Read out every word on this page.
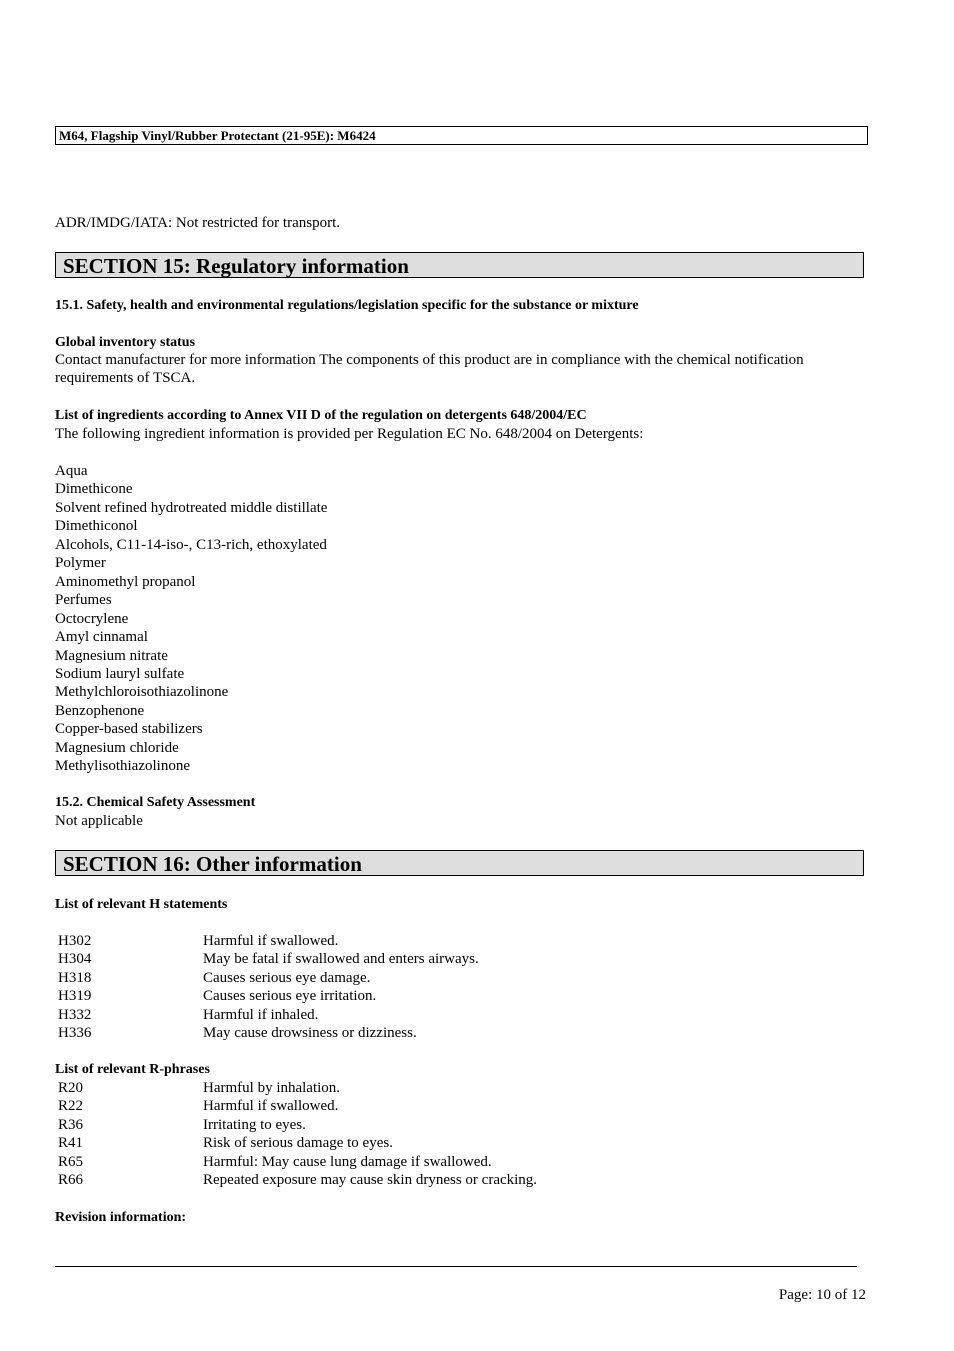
M64, Flagship Vinyl/Rubber Protectant (21-95E): M6424
ADR/IMDG/IATA: Not restricted for transport.
SECTION 15: Regulatory information
15.1. Safety, health and environmental regulations/legislation specific for the substance or mixture
Global inventory status
Contact manufacturer for more information The components of this product are in compliance with the chemical notification
requirements of TSCA.
List of ingredients according to Annex VII D of the regulation on detergents 648/2004/EC
The following ingredient information is provided per Regulation EC No. 648/2004 on Detergents:
Aqua
Dimethicone
Solvent refined hydrotreated middle distillate
Dimethiconol
Alcohols, C11-14-iso-, C13-rich, ethoxylated
Polymer
Aminomethyl propanol
Perfumes
Octocrylene
Amyl cinnamal
Magnesium nitrate
Sodium lauryl sulfate
Methylchloroisothiazolinone
Benzophenone
Copper-based stabilizers
Magnesium chloride
Methylisothiazolinone
15.2. Chemical Safety Assessment
Not applicable
SECTION 16: Other information
List of relevant H statements
H302	Harmful if swallowed.
H304	May be fatal if swallowed and enters airways.
H318	Causes serious eye damage.
H319	Causes serious eye irritation.
H332	Harmful if inhaled.
H336	May cause drowsiness or dizziness.
List of relevant R-phrases
R20	Harmful by inhalation.
R22	Harmful if swallowed.
R36	Irritating to eyes.
R41	Risk of serious damage to eyes.
R65	Harmful: May cause lung damage if swallowed.
R66	Repeated exposure may cause skin dryness or cracking.
Revision information:
Page: 10 of 12
